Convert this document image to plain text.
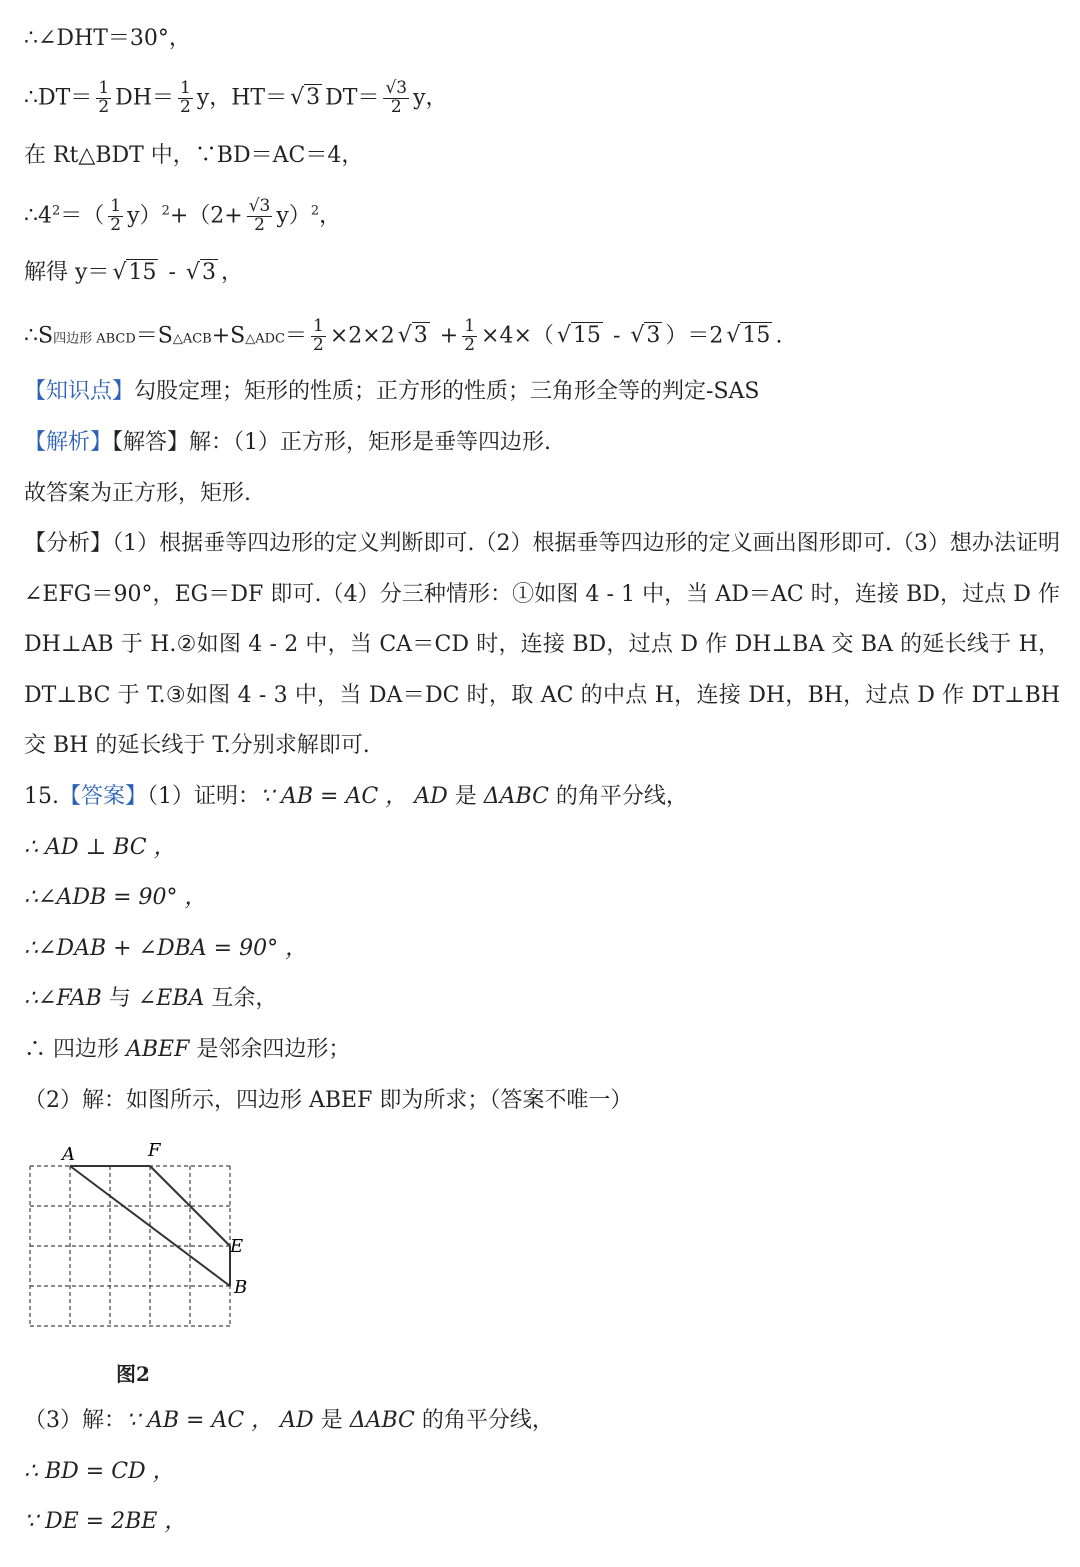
∴∠DHT＝30°，
∴DT＝ $\frac{1}{2} DH= \frac{1}{2}$ y，HT＝ √3 $DT= \frac{√3}{2}$ y，
在 Rt△BDT 中，∵BD＝AC＝4，
$\therefore 4^2=( \frac{1}{2} y)^2+(2+ \frac{√3}{2} y)^2$，
解得 y＝ √15 - √3 ，
∴S四边形 ABCD＝S△ACB+S△ADC＝ $\frac{1}{2} \times 2\times 2$ $√3 + \frac{1}{2} \times 4\times$（ √15 - √3 ）＝2 √15 .
【知识点】勾股定理；矩形的性质；正方形的性质；三角形全等的判定-SAS
【解析】【解答】解：（1）正方形，矩形是垂等四边形.
故答案为正方形，矩形.
【分析】（1）根据垂等四边形的定义判断即可.（2）根据垂等四边形的定义画出图形即可.（3）想办法证明∠EFG＝90°，EG＝DF 即可.（4）分三种情形：①如图 4 - 1 中，当 AD＝AC 时，连接 BD，过点 D 作 DH⊥AB 于 H.②如图 4 - 2 中，当 CA＝CD 时，连接 BD，过点 D 作 DH⊥BA 交 BA 的延长线于 H，DT⊥BC 于 T.③如图 4 - 3 中，当 DA＝DC 时，取 AC 的中点 H，连接 DH，BH，过点 D 作 DT⊥BH 交 BH 的延长线于 T.分别求解即可.
15.【答案】（1）证明：∵ AB = AC ， AD 是 ΔABC 的角平分线，
∴ AD ⊥ BC ，
∴∠ADB = 90° ，
∴∠DAB + ∠DBA = 90° ，
∴∠FAB 与 ∠EBA 互余，
∴ 四边形 ABEF 是邻余四边形；
（2）解：如图所示，四边形 ABEF 即为所求；（答案不唯一）
A	F
E
B
图2
（3）解：∵ AB = AC ， AD 是 ΔABC 的角平分线，
∴ BD = CD ，
∵ DE = 2BE ，
